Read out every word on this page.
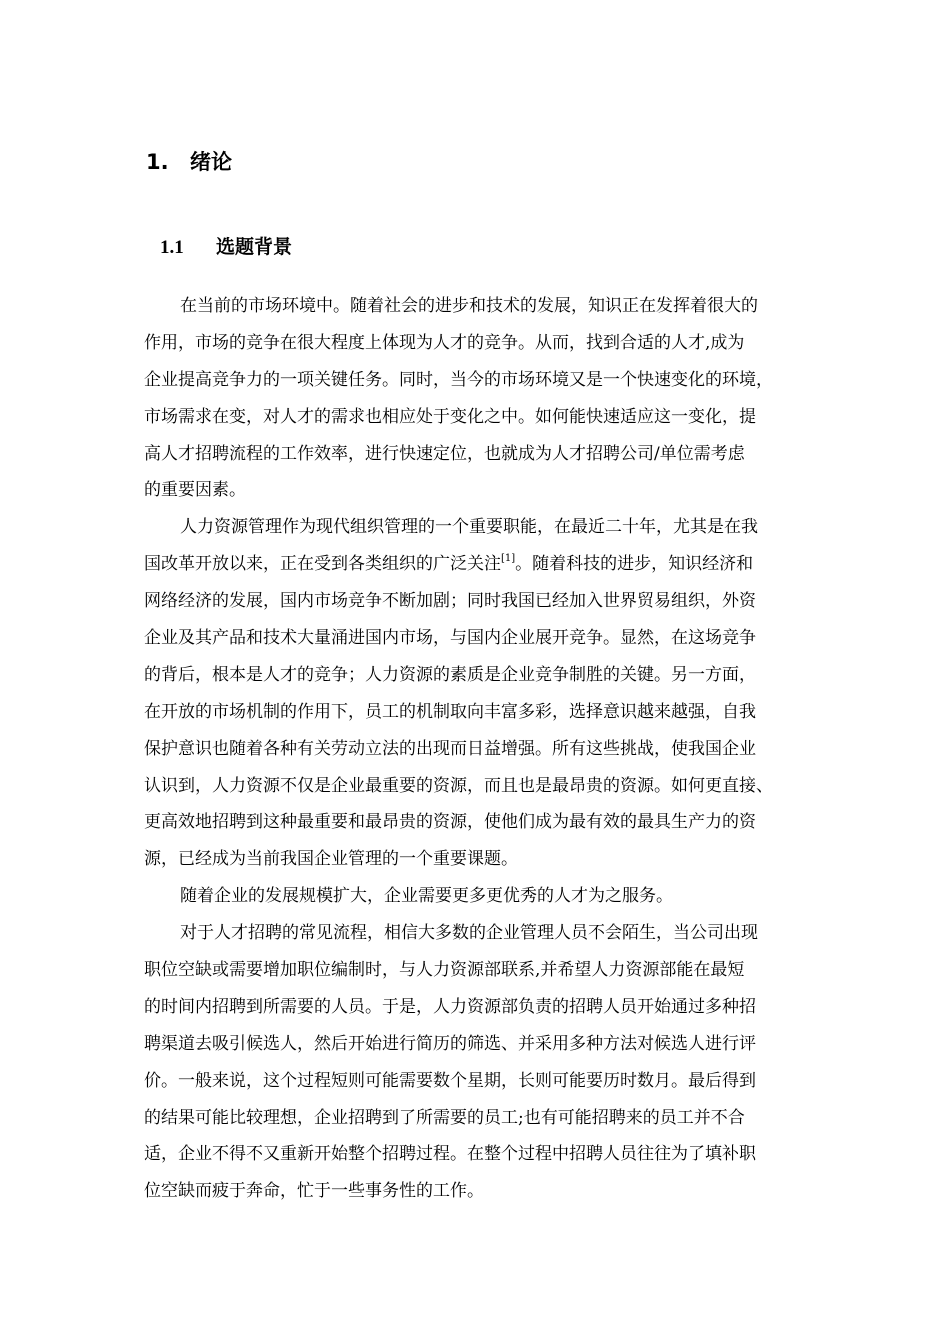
1. 绪论
1.1 选题背景
在当前的市场环境中。随着社会的进步和技术的发展，知识正在发挥着很大的
作用，市场的竞争在很大程度上体现为人才的竞争。从而，找到合适的人才,成为
企业提高竞争力的一项关键任务。同时，当今的市场环境又是一个快速变化的环境，
市场需求在变，对人才的需求也相应处于变化之中。如何能快速适应这一变化，提
高人才招聘流程的工作效率，进行快速定位，也就成为人才招聘公司/单位需考虑
的重要因素。
人力资源管理作为现代组织管理的一个重要职能，在最近二十年，尤其是在我
国改革开放以来，正在受到各类组织的广泛关注[1]。随着科技的进步，知识经济和
网络经济的发展，国内市场竞争不断加剧；同时我国已经加入世界贸易组织，外资
企业及其产品和技术大量涌进国内市场，与国内企业展开竞争。显然，在这场竞争
的背后，根本是人才的竞争；人力资源的素质是企业竞争制胜的关键。另一方面，
在开放的市场机制的作用下，员工的机制取向丰富多彩，选择意识越来越强，自我
保护意识也随着各种有关劳动立法的出现而日益增强。所有这些挑战，使我国企业
认识到，人力资源不仅是企业最重要的资源，而且也是最昂贵的资源。如何更直接、
更高效地招聘到这种最重要和最昂贵的资源，使他们成为最有效的最具生产力的资
源，已经成为当前我国企业管理的一个重要课题。
随着企业的发展规模扩大，企业需要更多更优秀的人才为之服务。
对于人才招聘的常见流程，相信大多数的企业管理人员不会陌生，当公司出现
职位空缺或需要增加职位编制时，与人力资源部联系,并希望人力资源部能在最短
的时间内招聘到所需要的人员。于是，人力资源部负责的招聘人员开始通过多种招
聘渠道去吸引候选人，然后开始进行简历的筛选、并采用多种方法对候选人进行评
价。一般来说，这个过程短则可能需要数个星期，长则可能要历时数月。最后得到
的结果可能比较理想，企业招聘到了所需要的员工;也有可能招聘来的员工并不合
适，企业不得不又重新开始整个招聘过程。在整个过程中招聘人员往往为了填补职
位空缺而疲于奔命，忙于一些事务性的工作。
